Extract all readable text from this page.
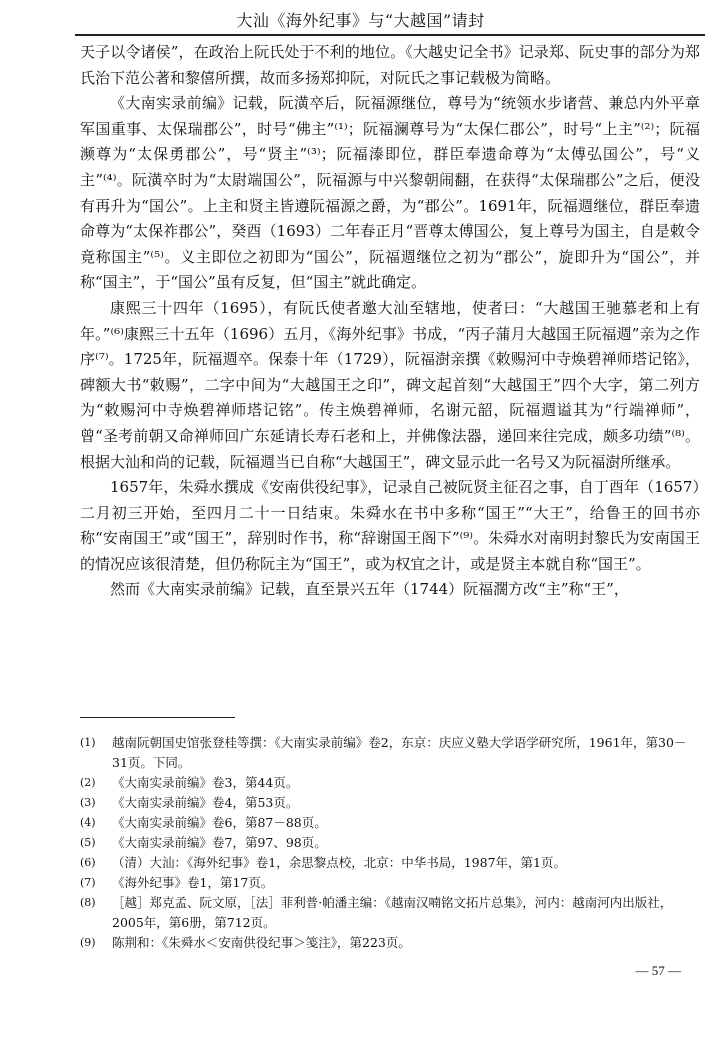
大汕《海外纪事》与“大越国”请封

天子以令诸侯”，在政治上阮氏处于不利的地位。《大越史记全书》记录郑、阮史事的部分为郑氏治下范公著和黎僖所撰，故而多扬郑抑阮，对阮氏之事记载极为简略。

《大南实录前编》记载，阮潢卒后，阮福源继位，尊号为“统领水步诸营、兼总内外平章军国重事、太保瑞郡公”，时号“佛主”⁽¹⁾；阮福澜尊号为“太保仁郡公”，时号“上主”⁽²⁾；阮福濒尊为“太保勇郡公”，号“贤主”⁽³⁾；阮福溙即位，群臣奉遗命尊为“太傅弘国公”，号“义主”⁽⁴⁾。阮潢卒时为“太尉端国公”，阮福源与中兴黎朝闹翻，在获得“太保瑞郡公”之后，便没有再升为“国公”。上主和贤主皆遵阮福源之爵，为“郡公”。1691年，阮福週继位，群臣奉遗命尊为“太保祚郡公”，癸酉（1693）二年春正月“晋尊太傅国公，复上尊号为国主，自是敕令竟称国主”⁽⁵⁾。义主即位之初即为“国公”，阮福週继位之初为“郡公”，旋即升为“国公”，并称“国主”，于“国公”虽有反复，但“国主”就此确定。

康熙三十四年（1695），有阮氏使者邀大汕至辖地，使者曰：“大越国王驰慕老和上有年。”⁽⁶⁾康熙三十五年（1696）五月，《海外纪事》书成，“丙子蒲月大越国王阮福週”亲为之作序⁽⁷⁾。1725年，阮福週卒。保泰十年（1729），阮福澍亲撰《敕赐河中寺焕碧禅师塔记铭》，碑额大书“敕赐”，二字中间为“大越国王之印”，碑文起首刻“大越国王”四个大字，第二列方为“敕赐河中寺焕碧禅师塔记铭”。传主焕碧禅师，名谢元韶，阮福週谥其为“行端禅师”，曾“圣考前朝又命禅师回广东延请长寿石老和上，并佛像法器，递回来往完成，颇多功绩”⁽⁸⁾。根据大汕和尚的记载，阮福週当已自称“大越国王”，碑文显示此一名号又为阮福澍所继承。

1657年，朱舜水撰成《安南供役纪事》，记录自己被阮贤主征召之事，自丁酉年（1657）二月初三开始，至四月二十一日结束。朱舜水在书中多称“国王”“大王”，给鲁王的回书亦称“安南国王”或“国王”，辞别时作书，称“辞谢国王阁下”⁽⁹⁾。朱舜水对南明封黎氏为安南国王的情况应该很清楚，但仍称阮主为“国王”，或为权宜之计，或是贤主本就自称“国王”。

然而《大南实录前编》记载，直至景兴五年（1744）阮福濶方改“主”称“王”，

(1)	越南阮朝国史馆张登桂等撰：《大南实录前编》卷2，东京：庆应义塾大学语学研究所，1961年，第30－31页。下同。
(2)	《大南实录前编》卷3，第44页。
(3)	《大南实录前编》卷4，第53页。
(4)	《大南实录前编》卷6，第87－88页。
(5)	《大南实录前编》卷7，第97、98页。
(6)	（清）大汕：《海外纪事》卷1，余思黎点校，北京：中华书局，1987年，第1页。
(7)	《海外纪事》卷1，第17页。
(8)	［越］郑克孟、阮文原，［法］菲利普·帕潘主编：《越南汉喃铭文拓片总集》，河内：越南河内出版社，2005年，第6册，第712页。
(9)	陈荆和：《朱舜水＜安南供役纪事＞笺注》，第223页。
— 57 —
